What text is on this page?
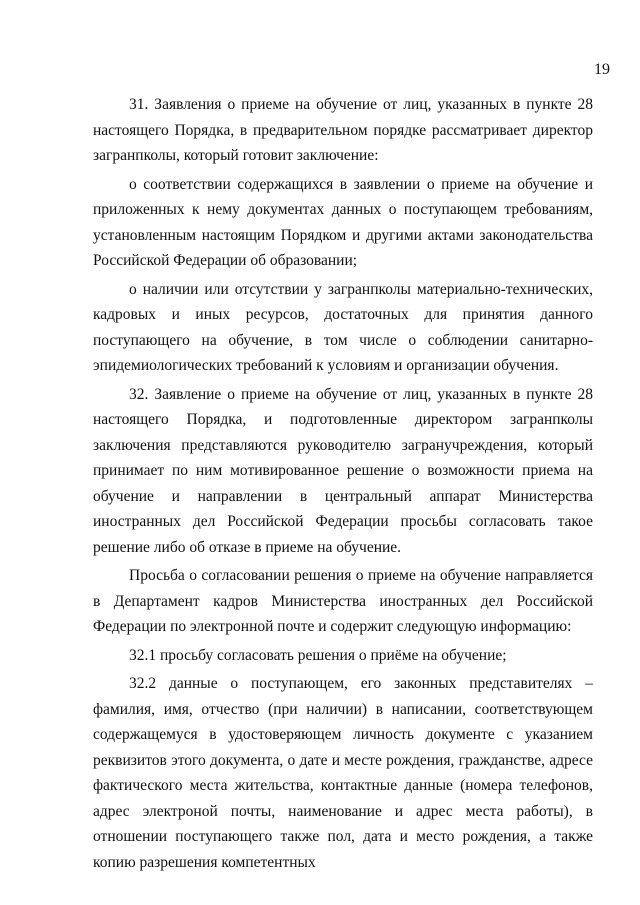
19

31. Заявления о приеме на обучение от лиц, указанных в пункте 28 настоящего Порядка, в предварительном порядке рассматривает директор загранпколы, который готовит заключение:

о соответствии содержащихся в заявлении о приеме на обучение и приложенных к нему документах данных о поступающем требованиям, установленным настоящим Порядком и другими актами законодательства Российской Федерации об образовании;

о наличии или отсутствии у загранпколы материально-технических, кадровых и иных ресурсов, достаточных для принятия данного поступающего на обучение, в том числе о соблюдении санитарно-эпидемиологических требований к условиям и организации обучения.

32. Заявление о приеме на обучение от лиц, указанных в пункте 28 настоящего Порядка, и подготовленные директором загранпколы заключения представляются руководителю загранучреждения, который принимает по ним мотивированное решение о возможности приема на обучение и направлении в центральный аппарат Министерства иностранных дел Российской Федерации просьбы согласовать такое решение либо об отказе в приеме на обучение.

Просьба о согласовании решения о приеме на обучение направляется в Департамент кадров Министерства иностранных дел Российской Федерации по электронной почте и содержит следующую информацию:

32.1 просьбу согласовать решения о приёме на обучение;

32.2 данные о поступающем, его законных представителях – фамилия, имя, отчество (при наличии) в написании, соответствующем содержащемуся в удостоверяющем личность документе с указанием реквизитов этого документа, о дате и месте рождения, гражданстве, адресе фактического места жительства, контактные данные (номера телефонов, адрес электроной почты, наименование и адрес места работы), в отношении поступающего также пол, дата и место рождения, а также копию разрешения компетентных
